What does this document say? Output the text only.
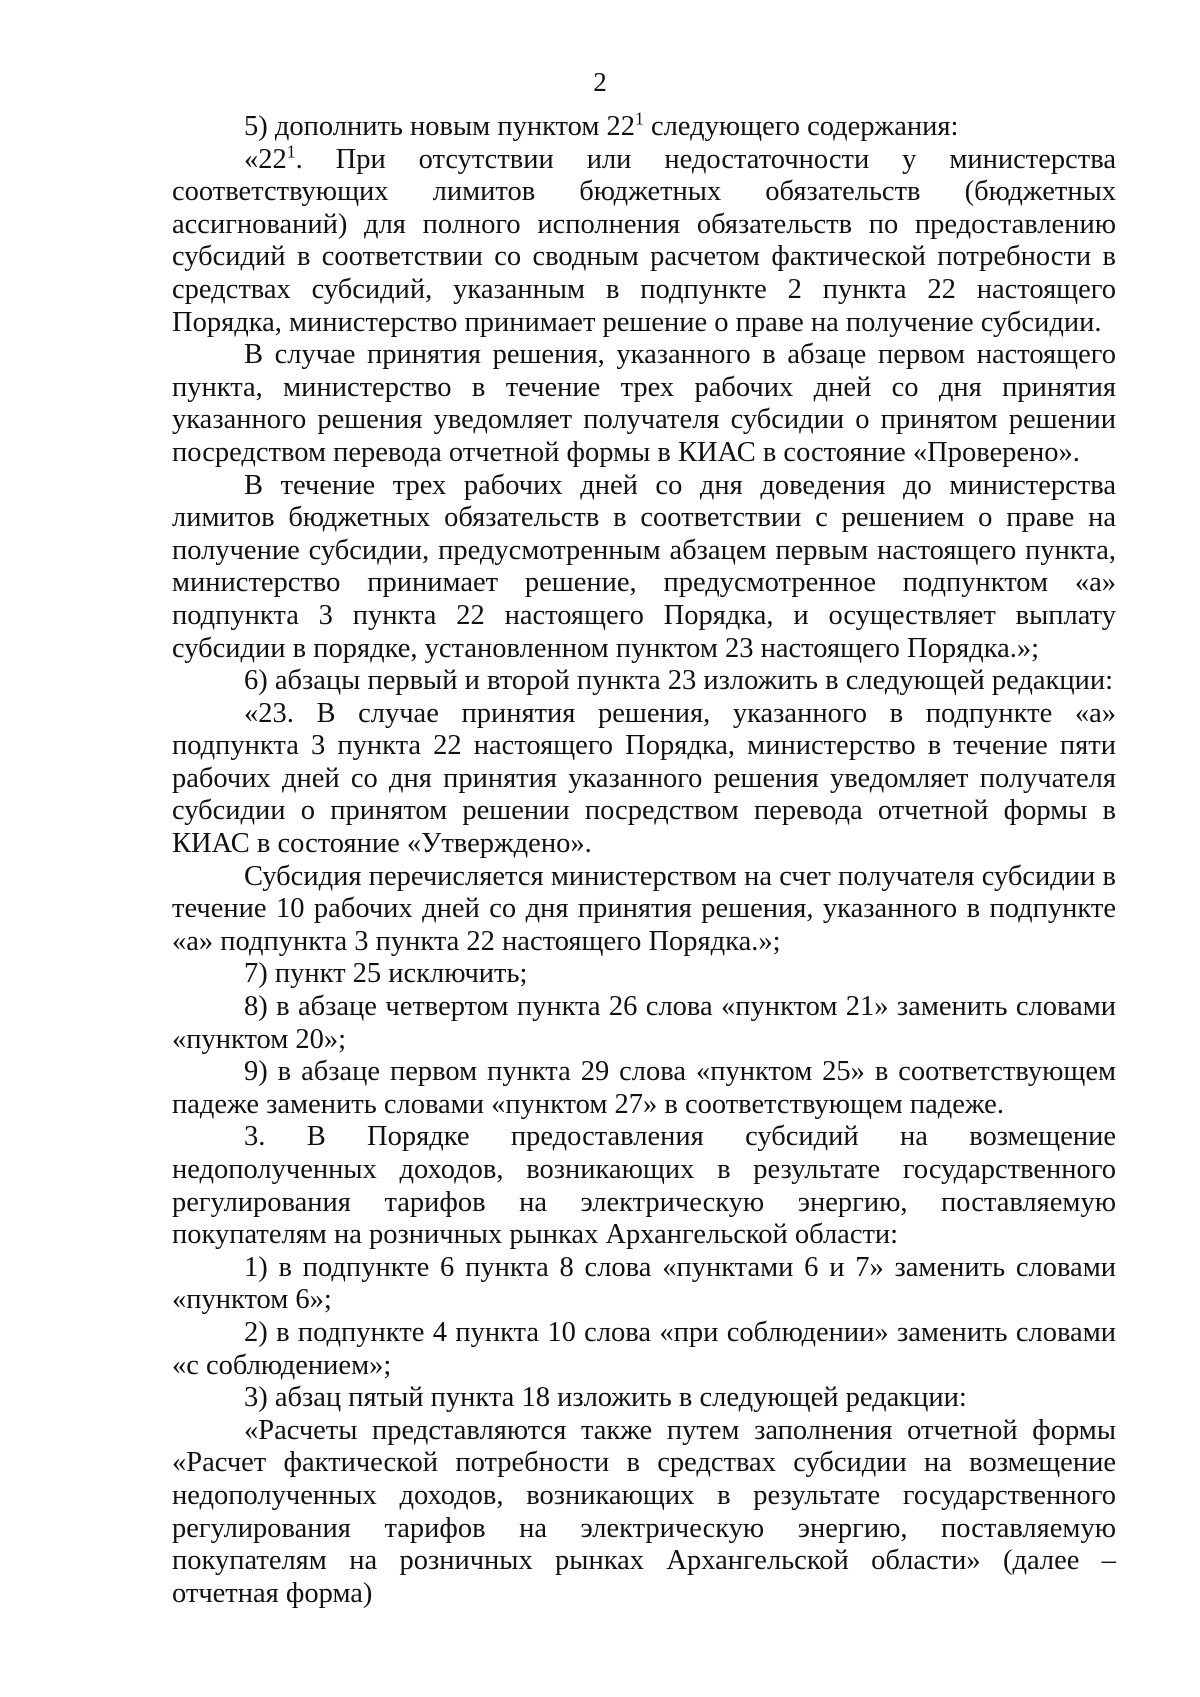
2

5) дополнить новым пунктом $22^1$ следующего содержания:

«$22^1$. При отсутствии или недостаточности у министерства соответствующих лимитов бюджетных обязательств (бюджетных ассигнований) для полного исполнения обязательств по предоставлению субсидий в соответствии со сводным расчетом фактической потребности в средствах субсидий, указанным в подпункте 2 пункта 22 настоящего Порядка, министерство принимает решение о праве на получение субсидии.

В случае принятия решения, указанного в абзаце первом настоящего пункта, министерство в течение трех рабочих дней со дня принятия указанного решения уведомляет получателя субсидии о принятом решении посредством перевода отчетной формы в КИАС в состояние «Проверено».

В течение трех рабочих дней со дня доведения до министерства лимитов бюджетных обязательств в соответствии с решением о праве на получение субсидии, предусмотренным абзацем первым настоящего пункта, министерство принимает решение, предусмотренное подпунктом «а» подпункта 3 пункта 22 настоящего Порядка, и осуществляет выплату субсидии в порядке, установленном пунктом 23 настоящего Порядка.»;

6) абзацы первый и второй пункта 23 изложить в следующей редакции:

«23. В случае принятия решения, указанного в подпункте «а» подпункта 3 пункта 22 настоящего Порядка, министерство в течение пяти рабочих дней со дня принятия указанного решения уведомляет получателя субсидии о принятом решении посредством перевода отчетной формы в КИАС в состояние «Утверждено».

Субсидия перечисляется министерством на счет получателя субсидии в течение 10 рабочих дней со дня принятия решения, указанного в подпункте «а» подпункта 3 пункта 22 настоящего Порядка.»;

7) пункт 25 исключить;

8) в абзаце четвертом пункта 26 слова «пунктом 21» заменить словами «пунктом 20»;

9) в абзаце первом пункта 29 слова «пунктом 25» в соответствующем падеже заменить словами «пунктом 27» в соответствующем падеже.

3. В Порядке предоставления субсидий на возмещение недополученных доходов, возникающих в результате государственного регулирования тарифов на электрическую энергию, поставляемую покупателям на розничных рынках Архангельской области:

1) в подпункте 6 пункта 8 слова «пунктами 6 и 7» заменить словами «пунктом 6»;

2) в подпункте 4 пункта 10 слова «при соблюдении» заменить словами «с соблюдением»;

3) абзац пятый пункта 18 изложить в следующей редакции:

«Расчеты представляются также путем заполнения отчетной формы «Расчет фактической потребности в средствах субсидии на возмещение недополученных доходов, возникающих в результате государственного регулирования тарифов на электрическую энергию, поставляемую покупателям на розничных рынках Архангельской области» (далее – отчетная форма)
